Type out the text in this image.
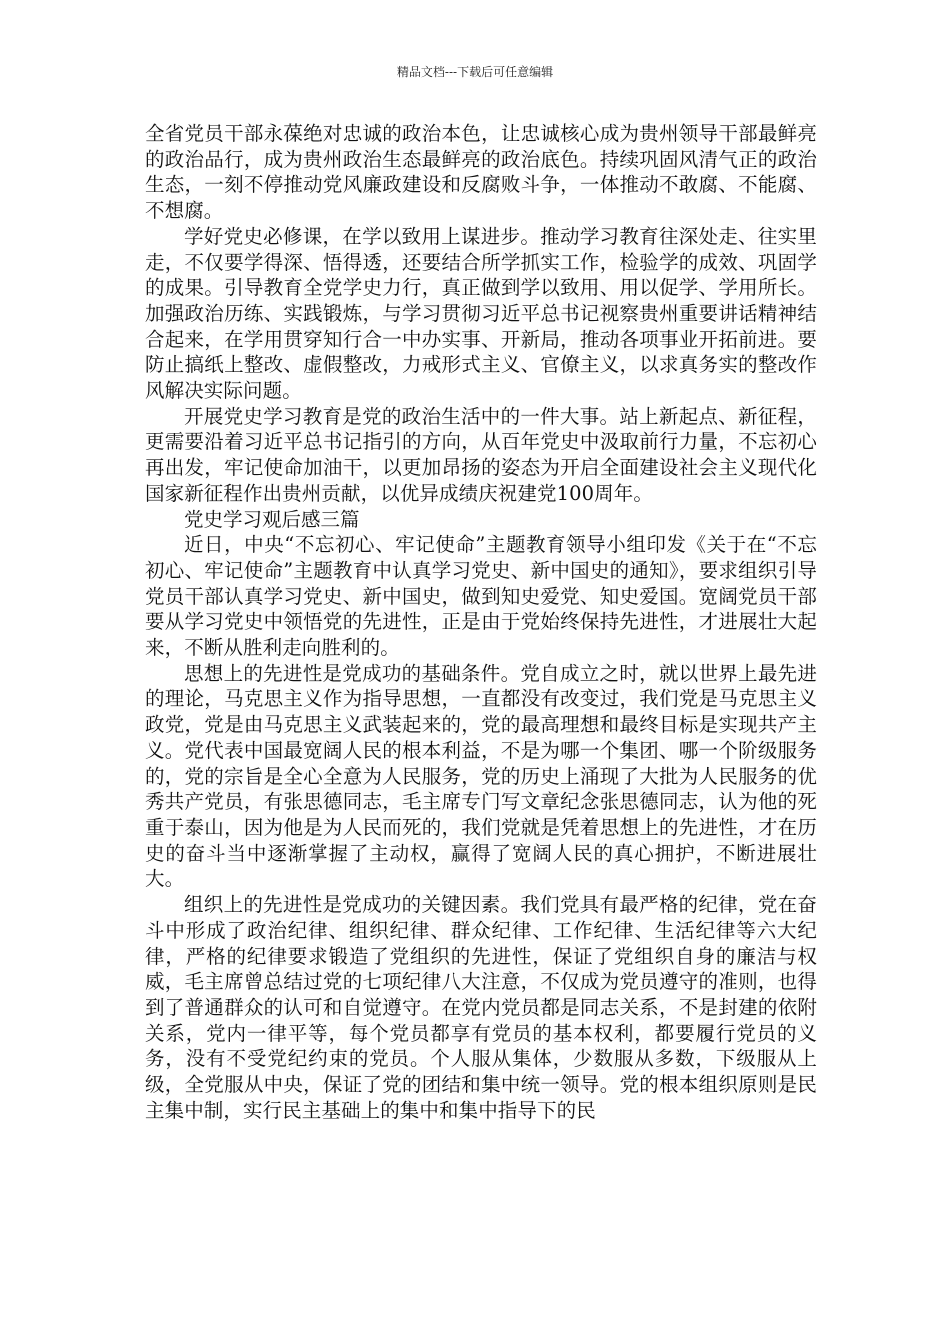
精品文档---下载后可任意编辑

全省党员干部永葆绝对忠诚的政治本色，让忠诚核心成为贵州领导干部最鲜亮的政治品行，成为贵州政治生态最鲜亮的政治底色。持续巩固风清气正的政治生态，一刻不停推动党风廉政建设和反腐败斗争，一体推动不敢腐、不能腐、不想腐。

学好党史必修课，在学以致用上谋进步。推动学习教育往深处走、往实里走，不仅要学得深、悟得透，还要结合所学抓实工作，检验学的成效、巩固学的成果。引导教育全党学史力行，真正做到学以致用、用以促学、学用所长。加强政治历练、实践锻炼，与学习贯彻习近平总书记视察贵州重要讲话精神结合起来，在学用贯穿知行合一中办实事、开新局，推动各项事业开拓前进。要防止搞纸上整改、虚假整改，力戒形式主义、官僚主义，以求真务实的整改作风解决实际问题。

开展党史学习教育是党的政治生活中的一件大事。站上新起点、新征程，更需要沿着习近平总书记指引的方向，从百年党史中汲取前行力量，不忘初心再出发，牢记使命加油干，以更加昂扬的姿态为开启全面建设社会主义现代化国家新征程作出贵州贡献，以优异成绩庆祝建党100周年。

党史学习观后感三篇

近日，中央“不忘初心、牢记使命”主题教育领导小组印发《关于在“不忘初心、牢记使命”主题教育中认真学习党史、新中国史的通知》，要求组织引导党员干部认真学习党史、新中国史，做到知史爱党、知史爱国。宽阔党员干部要从学习党史中领悟党的先进性，正是由于党始终保持先进性，才进展壮大起来，不断从胜利走向胜利的。

思想上的先进性是党成功的基础条件。党自成立之时，就以世界上最先进的理论，马克思主义作为指导思想，一直都没有改变过，我们党是马克思主义政党，党是由马克思主义武装起来的，党的最高理想和最终目标是实现共产主义。党代表中国最宽阔人民的根本利益，不是为哪一个集团、哪一个阶级服务的，党的宗旨是全心全意为人民服务，党的历史上涌现了大批为人民服务的优秀共产党员，有张思德同志，毛主席专门写文章纪念张思德同志，认为他的死重于泰山，因为他是为人民而死的，我们党就是凭着思想上的先进性，才在历史的奋斗当中逐渐掌握了主动权，赢得了宽阔人民的真心拥护，不断进展壮大。

组织上的先进性是党成功的关键因素。我们党具有最严格的纪律，党在奋斗中形成了政治纪律、组织纪律、群众纪律、工作纪律、生活纪律等六大纪律，严格的纪律要求锻造了党组织的先进性，保证了党组织自身的廉洁与权威，毛主席曾总结过党的七项纪律八大注意，不仅成为党员遵守的准则，也得到了普通群众的认可和自觉遵守。在党内党员都是同志关系，不是封建的依附关系，党内一律平等，每个党员都享有党员的基本权利，都要履行党员的义务，没有不受党纪约束的党员。个人服从集体，少数服从多数，下级服从上级，全党服从中央，保证了党的团结和集中统一领导。党的根本组织原则是民主集中制，实行民主基础上的集中和集中指导下的民
